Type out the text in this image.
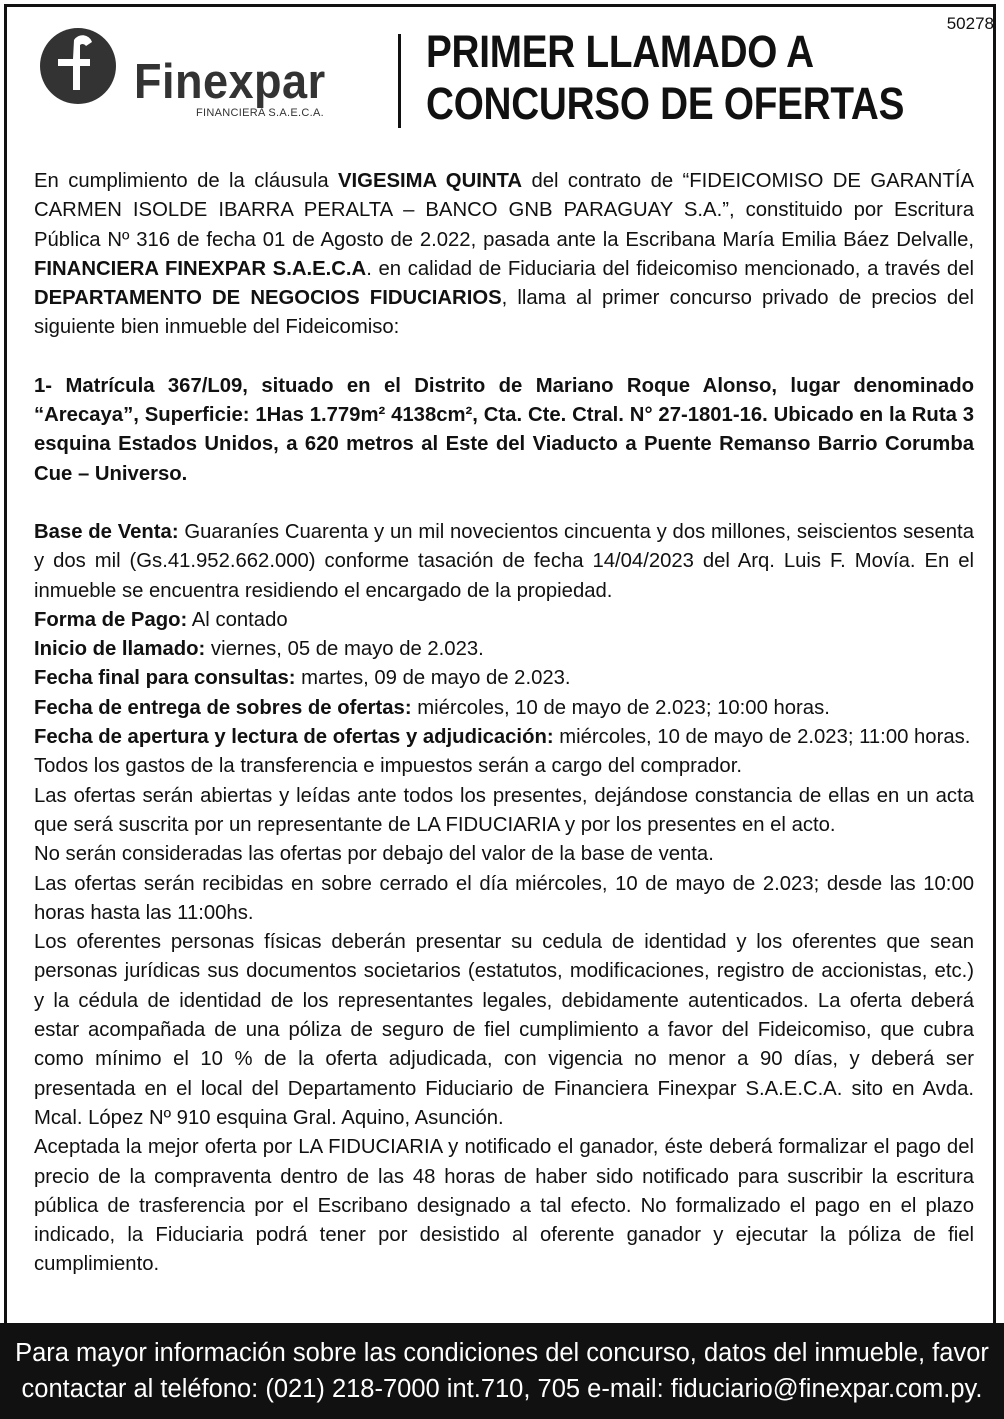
50278
Finexpar
FINANCIERA S.A.E.C.A.
PRIMER LLAMADO A
CONCURSO DE OFERTAS

En cumplimiento de la cláusula VIGESIMA QUINTA del contrato de “FIDEICOMISO DE GARANTÍA CARMEN ISOLDE IBARRA PERALTA – BANCO GNB PARAGUAY S.A.”, constituido por Escritura Pública Nº 316 de fecha 01 de Agosto de 2.022, pasada ante la Escribana María Emilia Báez Delvalle, FINANCIERA FINEXPAR S.A.E.C.A. en calidad de Fiduciaria del fideicomiso mencionado, a través del DEPARTAMENTO DE NEGOCIOS FIDUCIARIOS, llama al primer concurso privado de precios del siguiente bien inmueble del Fideicomiso:

1- Matrícula 367/L09, situado en el Distrito de Mariano Roque Alonso, lugar denominado “Arecaya”, Superficie: 1Has 1.779m² 4138cm², Cta. Cte. Ctral. N° 27-1801-16. Ubicado en la Ruta 3 esquina Estados Unidos, a 620 metros al Este del Viaducto a Puente Remanso Barrio Corumba Cue – Universo.

Base de Venta: Guaraníes Cuarenta y un mil novecientos cincuenta y dos millones, seiscientos sesenta y dos mil (Gs.41.952.662.000) conforme tasación de fecha 14/04/2023 del Arq. Luis F. Movía. En el inmueble se encuentra residiendo el encargado de la propiedad.

Forma de Pago: Al contado

Inicio de llamado: viernes, 05 de mayo de 2.023.

Fecha final para consultas: martes, 09 de mayo de 2.023.

Fecha de entrega de sobres de ofertas: miércoles, 10 de mayo de 2.023; 10:00 horas.

Fecha de apertura y lectura de ofertas y adjudicación: miércoles, 10 de mayo de 2.023; 11:00 horas.

Todos los gastos de la transferencia e impuestos serán a cargo del comprador.

Las ofertas serán abiertas y leídas ante todos los presentes, dejándose constancia de ellas en un acta que será suscrita por un representante de LA FIDUCIARIA y por los presentes en el acto.

No serán consideradas las ofertas por debajo del valor de la base de venta.

Las ofertas serán recibidas en sobre cerrado el día miércoles, 10 de mayo de 2.023; desde las 10:00 horas hasta las 11:00hs.

Los oferentes personas físicas deberán presentar su cedula de identidad y los oferentes que sean personas jurídicas sus documentos societarios (estatutos, modificaciones, registro de accionistas, etc.) y la cédula de identidad de los representantes legales, debidamente autenticados. La oferta deberá estar acompañada de una póliza de seguro de fiel cumplimiento a favor del Fideicomiso, que cubra como mínimo el 10 % de la oferta adjudicada, con vigencia no menor a 90 días, y deberá ser presentada en el local del Departamento Fiduciario de Financiera Finexpar S.A.E.C.A. sito en Avda. Mcal. López Nº 910 esquina Gral. Aquino, Asunción.

Aceptada la mejor oferta por LA FIDUCIARIA y notificado el ganador, éste deberá formalizar el pago del precio de la compraventa dentro de las 48 horas de haber sido notificado para suscribir la escritura pública de trasferencia por el Escribano designado a tal efecto. No formalizado el pago en el plazo indicado, la Fiduciaria podrá tener por desistido al oferente ganador y ejecutar la póliza de fiel cumplimiento.

Para mayor información sobre las condiciones del concurso, datos del inmueble, favor
contactar al teléfono: (021) 218-7000 int.710, 705 e-mail: fiduciario@finexpar.com.py.
